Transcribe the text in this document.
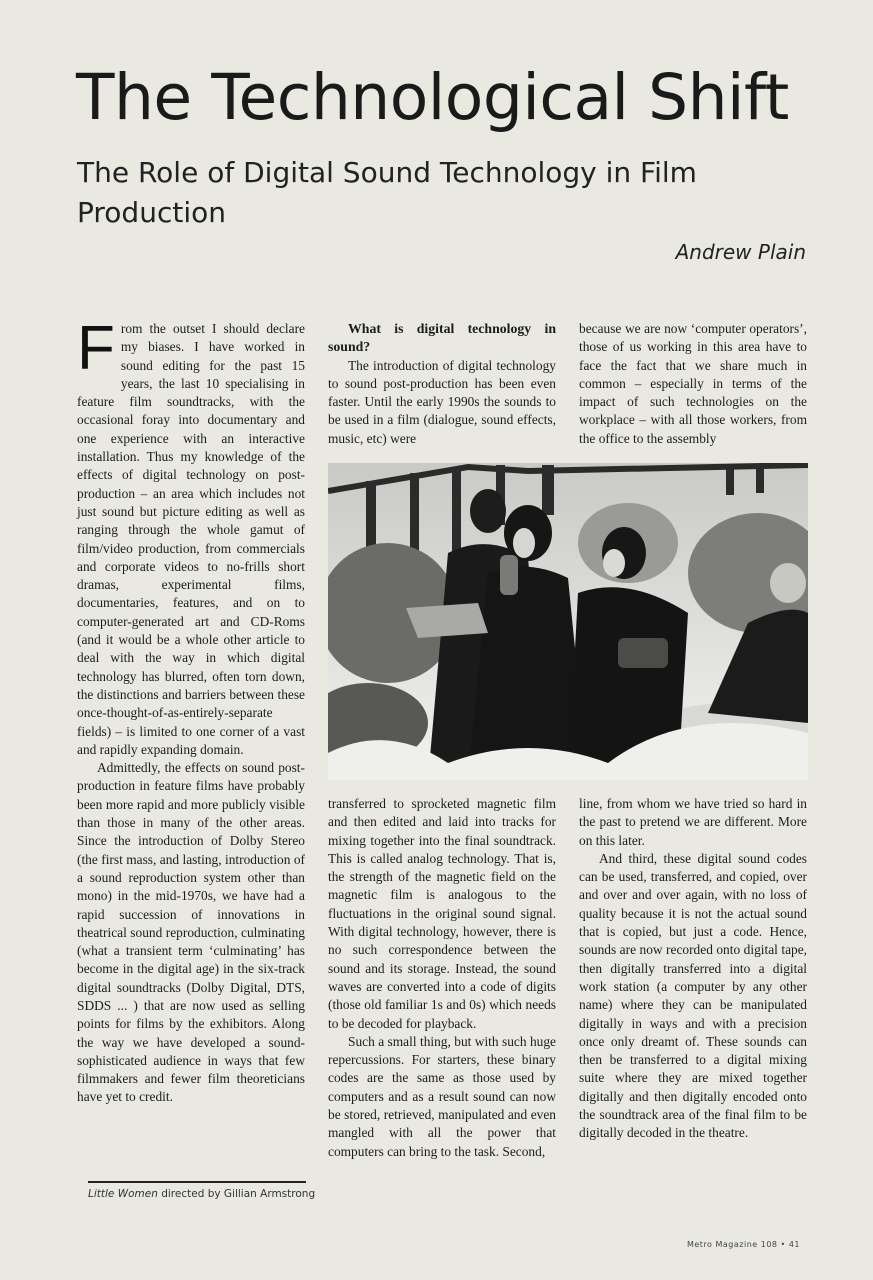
The Technological Shift
The Role of Digital Sound Technology in Film Production
Andrew Plain

From the outset I should declare my biases. I have worked in sound editing for the past 15 years, the last 10 specialising in feature film soundtracks, with the occasional foray into documentary and one experience with an interactive installation. Thus my knowledge of the effects of digital technology on post-production – an area which includes not just sound but picture editing as well as ranging through the whole gamut of film/video production, from commercials and corporate videos to no-frills short dramas, experimental films, documentaries, features, and on to computer-generated art and CD-Roms (and it would be a whole other article to deal with the way in which digital technology has blurred, often torn down, the distinctions and barriers between these once-thought-of-as-entirely-separate fields) – is limited to one corner of a vast and rapidly expanding domain.

Admittedly, the effects on sound post-production in feature films have probably been more rapid and more publicly visible than those in many of the other areas. Since the introduction of Dolby Stereo (the first mass, and lasting, introduction of a sound reproduction system other than mono) in the mid-1970s, we have had a rapid succession of innovations in theatrical sound reproduction, culminating (what a transient term ‘culminating’ has become in the digital age) in the six-track digital soundtracks (Dolby Digital, DTS, SDDS ... ) that are now used as selling points for films by the exhibitors. Along the way we have developed a sound-sophisticated audience in ways that few filmmakers and fewer film theoreticians have yet to credit.

What is digital technology in sound?

The introduction of digital technology to sound post-production has been even faster. Until the early 1990s the sounds to be used in a film (dialogue, sound effects, music, etc) were

because we are now ‘computer operators’, those of us working in this area have to face the fact that we share much in common – especially in terms of the impact of such technologies on the workplace – with all those workers, from the office to the assembly

transferred to sprocketed magnetic film and then edited and laid into tracks for mixing together into the final soundtrack. This is called analog technology. That is, the strength of the magnetic field on the magnetic film is analogous to the fluctuations in the original sound signal. With digital technology, however, there is no such correspondence between the sound and its storage. Instead, the sound waves are converted into a code of digits (those old familiar 1s and 0s) which needs to be decoded for playback.

Such a small thing, but with such huge repercussions. For starters, these binary codes are the same as those used by computers and as a result sound can now be stored, retrieved, manipulated and even mangled with all the power that computers can bring to the task. Second,

line, from whom we have tried so hard in the past to pretend we are different. More on this later.

And third, these digital sound codes can be used, transferred, and copied, over and over and over again, with no loss of quality because it is not the actual sound that is copied, but just a code. Hence, sounds are now recorded onto digital tape, then digitally transferred into a digital work station (a computer by any other name) where they can be manipulated digitally in ways and with a precision once only dreamt of. These sounds can then be transferred to a digital mixing suite where they are mixed together digitally and then digitally encoded onto the soundtrack area of the final film to be digitally decoded in the theatre.

Little Women directed by Gillian Armstrong
Metro Magazine 108 • 41
